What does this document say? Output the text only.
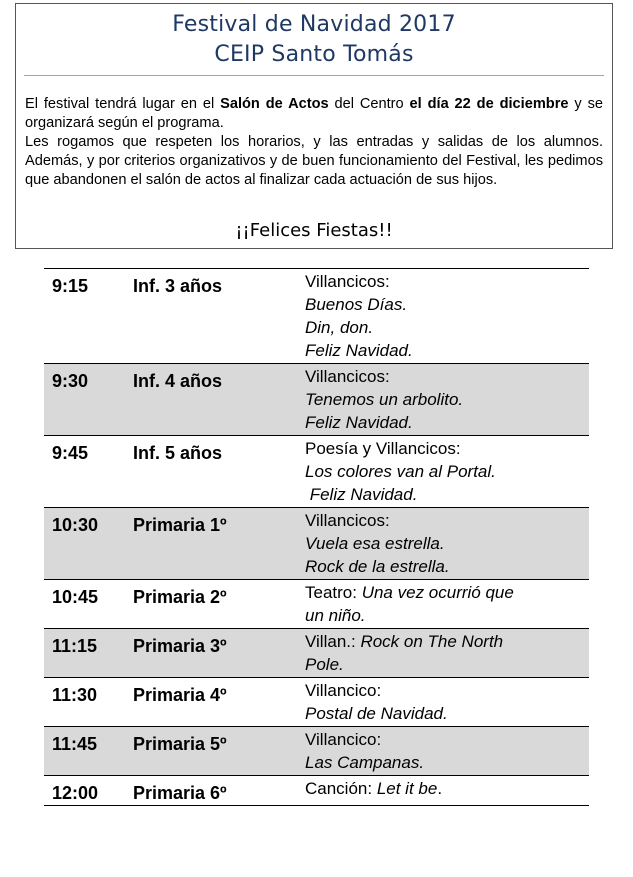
Festival de Navidad 2017
CEIP Santo Tomás

El festival tendrá lugar en el Salón de Actos del Centro el día 22 de diciembre y se organizará según el programa.

Les rogamos que respeten los horarios, y las entradas y salidas de los alumnos. Además, y por criterios organizativos y de buen funcionamiento del Festival, les pedimos que abandonen el salón de actos al finalizar cada actuación de sus hijos.

¡¡Felices Fiestas!!
9:15	Inf. 3 años	Villancicos:
Buenos Días.
Din, don.
Feliz Navidad.

9:30	Inf. 4 años	Villancicos:
Tenemos un arbolito.
Feliz Navidad.

9:45	Inf. 5 años	Poesía y Villancicos:
Los colores van al Portal.
Feliz Navidad.

10:30	Primaria 1º	Villancicos:
Vuela esa estrella.
Rock de la estrella.

10:45	Primaria 2º	Teatro: Una vez ocurrió que
un niño.

11:15	Primaria 3º	Villan.: Rock on The North
Pole.

11:30	Primaria 4º	Villancico:
Postal de Navidad.

11:45	Primaria 5º	Villancico:
Las Campanas.

12:00	Primaria 6º	Canción: Let it be.
